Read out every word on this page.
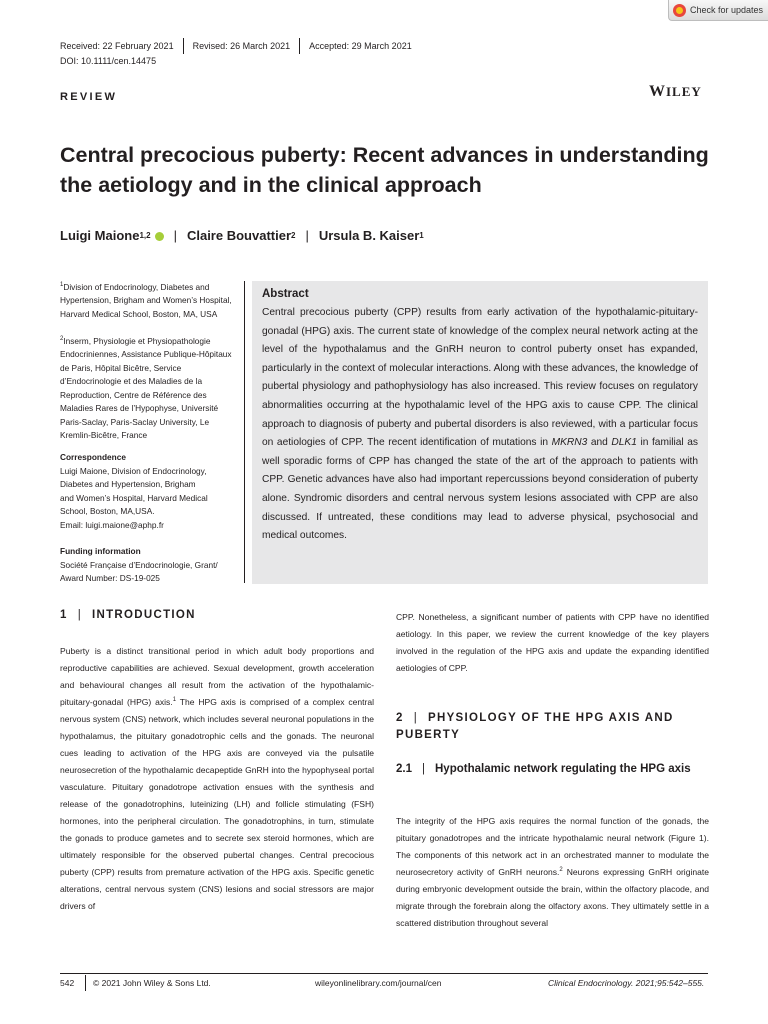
Check for updates
Received: 22 February 2021 Revised: 26 March 2021 Accepted: 29 March 2021
DOI: 10.1111/cen.14475
REVIEW	WILEY
Central precocious puberty: Recent advances in understanding the aetiology and in the clinical approach
Luigi Maione 1,2 | Claire Bouvattier 2 | Ursula B. Kaiser 1
$^1$Division of Endocrinology, Diabetes and Hypertension, Brigham and Women’s Hospital, Harvard Medical School, Boston, MA, USA
$^2$Inserm, Physiologie et Physiopathologie Endocriniennes, Assistance Publique-Hôpitaux de Paris, Hôpital Bicêtre, Service d’Endocrinologie et des Maladies de la Reproduction, Centre de Référence des Maladies Rares de l’Hypophyse, Université Paris-Saclay, Paris-Saclay University, Le Kremlin-Bicêtre, France
Correspondence
Luigi Maione, Division of Endocrinology,
Diabetes and Hypertension, Brigham
and Women’s Hospital, Harvard Medical
School, Boston, MA,USA.
Email: luigi.maione@aphp.fr
Funding information
Société Française d’Endocrinologie, Grant/ Award Number: DS-19-025
Abstract

Central precocious puberty (CPP) results from early activation of the hypothalamic-pituitary-gonadal (HPG) axis. The current state of knowledge of the complex neural network acting at the level of the hypothalamus and the GnRH neuron to control puberty onset has expanded, particularly in the context of molecular interactions. Along with these advances, the knowledge of pubertal physiology and pathophysiology has also increased. This review focuses on regulatory abnormalities occurring at the hypothalamic level of the HPG axis to cause CPP. The clinical approach to diagnosis of puberty and pubertal disorders is also reviewed, with a particular focus on aetiologies of CPP. The recent identification of mutations in MKRN3 and DLK1 in familial as well sporadic forms of CPP has changed the state of the art of the approach to patients with CPP. Genetic advances have also had important repercussions beyond consideration of puberty alone. Syndromic disorders and central nervous system lesions associated with CPP are also discussed. If untreated, these conditions may lead to adverse physical, psychosocial and medical outcomes.

1 | INTRODUCTION
Puberty is a distinct transitional period in which adult body proportions and reproductive capabilities are achieved. Sexual development, growth acceleration and behavioural changes all result from the activation of the hypothalamic-pituitary-gonadal (HPG) axis.$^1$ The HPG axis is comprised of a complex central nervous system (CNS) network, which includes several neuronal populations in the hypothalamus, the pituitary gonadotrophic cells and the gonads. The neuronal cues leading to activation of the HPG axis are conveyed via the pulsatile neurosecretion of the hypothalamic decapeptide GnRH into the hypophyseal portal vasculature. Pituitary gonadotrope activation ensues with the synthesis and release of the gonadotrophins, luteinizing (LH) and follicle stimulating (FSH) hormones, into the peripheral circulation. The gonadotrophins, in turn, stimulate the gonads to produce gametes and to secrete sex steroid hormones, which are ultimately responsible for the observed pubertal changes. Central precocious puberty (CPP) results from premature activation of the HPG axis. Specific genetic alterations, central nervous system (CNS) lesions and social stressors are major drivers of
CPP. Nonetheless, a significant number of patients with CPP have no identified aetiology. In this paper, we review the current knowledge of the key players involved in the regulation of the HPG axis and update the expanding identified aetiologies of CPP.
2 | PHYSIOLOGY OF THE HPG AXIS AND PUBERTY
2.1 | Hypothalamic network regulating the HPG axis
The integrity of the HPG axis requires the normal function of the gonads, the pituitary gonadotropes and the intricate hypothalamic neural network (Figure 1). The components of this network act in an orchestrated manner to modulate the neurosecretory activity of GnRH neurons.$^2$ Neurons expressing GnRH originate during embryonic development outside the brain, within the olfactory placode, and migrate through the forebrain along the olfactory axons. They ultimately settle in a scattered distribution throughout several
542 © 2021 John Wiley & Sons Ltd.	wileyonlinelibrary.com/journal/cen	Clinical Endocrinology. 2021;95:542–555.
